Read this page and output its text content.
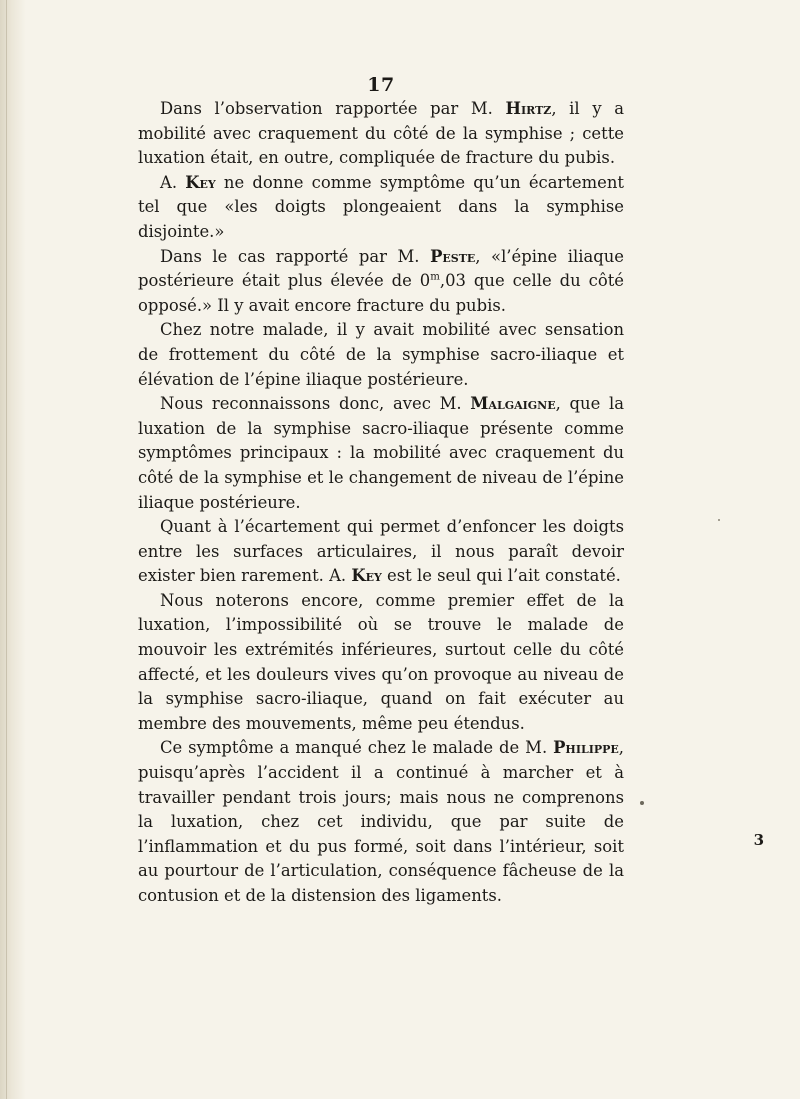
17

Dans l’observation rapportée par M. Hirtz, il y a mobilité avec craquement du côté de la symphise ; cette luxation était, en outre, compliquée de fracture du pubis.

A. Key ne donne comme symptôme qu’un écartement tel que «les doigts plongeaient dans la symphise disjointe.»

Dans le cas rapporté par M. Peste, «l’épine iliaque postérieure était plus élevée de 0$^m$,03 que celle du côté opposé.» Il y avait encore fracture du pubis.

Chez notre malade, il y avait mobilité avec sensation de frottement du côté de la symphise sacro-iliaque et élévation de l’épine iliaque postérieure.

Nous reconnaissons donc, avec M. Malgaigne, que la luxation de la symphise sacro-iliaque présente comme symptômes principaux : la mobilité avec craquement du côté de la symphise et le changement de niveau de l’épine iliaque postérieure.

Quant à l’écartement qui permet d’enfoncer les doigts entre les surfaces articulaires, il nous paraît devoir exister bien rarement. A. Key est le seul qui l’ait constaté.

Nous noterons encore, comme premier effet de la luxation, l’impossibilité où se trouve le malade de mouvoir les extrémités inférieures, surtout celle du côté affecté, et les douleurs vives qu’on provoque au niveau de la symphise sacro-iliaque, quand on fait exécuter au membre des mouvements, même peu étendus.

Ce symptôme a manqué chez le malade de M. Philippe, puisqu’après l’accident il a continué à marcher et à travailler pendant trois jours; mais nous ne comprenons la luxation, chez cet individu, que par suite de l’inflammation et du pus formé, soit dans l’intérieur, soit au pourtour de l’articulation, conséquence fâcheuse de la contusion et de la distension des ligaments.

3
